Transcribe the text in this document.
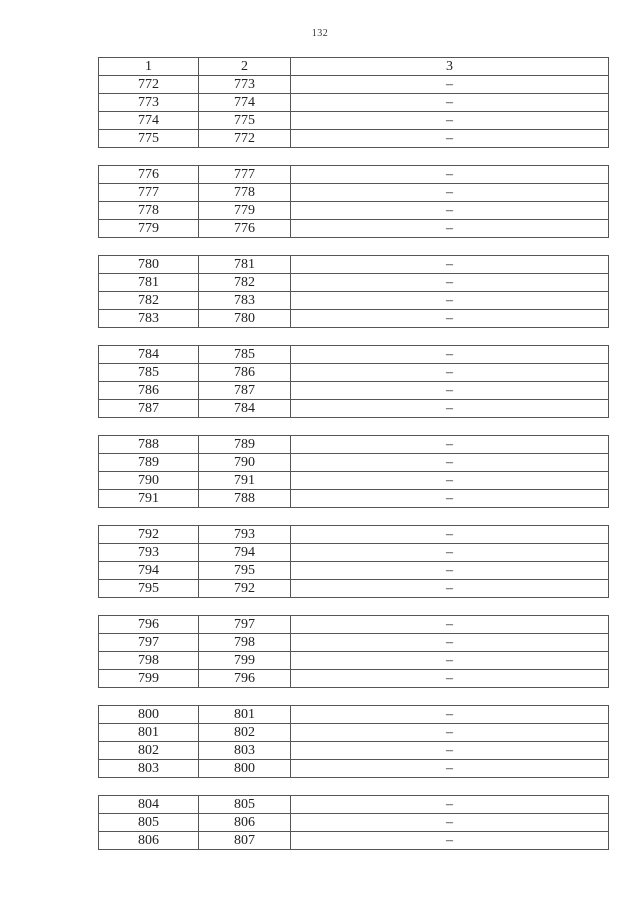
132
1	2	3
772	773	–
773	774	–
774	775	–
775	772	–

776	777	–
777	778	–
778	779	–
779	776	–

780	781	–
781	782	–
782	783	–
783	780	–

784	785	–
785	786	–
786	787	–
787	784	–

788	789	–
789	790	–
790	791	–
791	788	–

792	793	–
793	794	–
794	795	–
795	792	–

796	797	–
797	798	–
798	799	–
799	796	–

800	801	–
801	802	–
802	803	–
803	800	–

804	805	–
805	806	–
806	807	–
